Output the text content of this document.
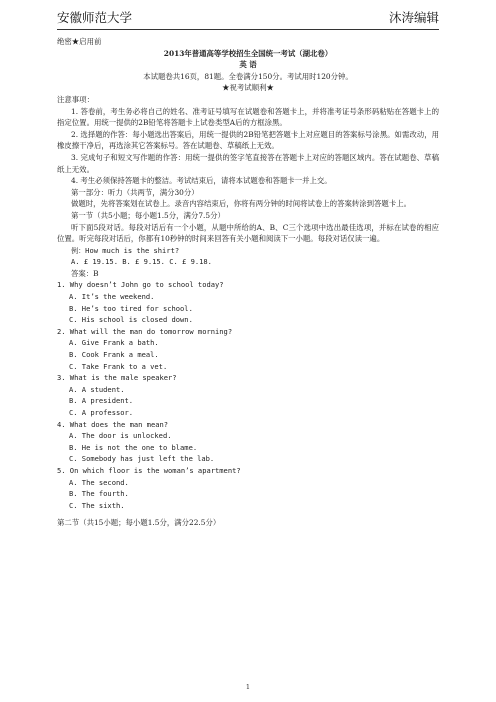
安徽师范大学	沐涛编辑
绝密★启用前
2013年普通高等学校招生全国统一考试（湖北卷）
英 语
本试题卷共16页，81题。全卷满分150分。考试用时120分钟。
★祝考试顺利★
注意事项：
1. 答卷前，考生务必将自己的姓名、准考证号填写在试题卷和答题卡上，并将准考证号条形码粘贴在答题卡上的指定位置。用统一提供的2B铅笔将答题卡上试卷类型A后的方框涂黑。
2. 选择题的作答：每小题选出答案后，用统一提供的2B铅笔把答题卡上对应题目的答案标号涂黑。如需改动，用橡皮擦干净后，再选涂其它答案标号。答在试题卷、草稿纸上无效。
3. 完成句子和短文写作题的作答：用统一提供的签字笔直接答在答题卡上对应的答题区域内。答在试题卷、草稿纸上无效。
4. 考生必须保持答题卡的整洁。考试结束后，请将本试题卷和答题卡一并上交。
第一部分：听力（共两节，满分30分）
做题时，先将答案划在试卷上。录音内容结束后，你将有两分钟的时间将试卷上的答案转涂到答题卡上。
第一节（共5小题；每小题1.5分，满分7.5分）
听下面5段对话。每段对话后有一个小题，从题中所给的A、B、C三个选项中选出最佳选项，并标在试卷的相应位置。听完每段对话后，你都有10秒钟的时间来回答有关小题和阅读下一小题。每段对话仅读一遍。
例：How much is the shirt?
A. £ 19.15. B. £ 9.15. C. £ 9.18.
答案：B
1. Why doesn’t John go to school today?
A. It’s the weekend.
B. He’s too tired for school.
C. His school is closed down.
2. What will the man do tomorrow morning?
A. Give Frank a bath.
B. Cook Frank a meal.
C. Take Frank to a vet.
3. What is the male speaker?
A. A student.
B. A president.
C. A professor.
4. What does the man mean?
A. The door is unlocked.
B. He is not the one to blame.
C. Somebody has just left the lab.
5. On which floor is the woman’s apartment?
A. The second.
B. The fourth.
C. The sixth.
第二节（共15小题；每小题1.5分，满分22.5分）
1
